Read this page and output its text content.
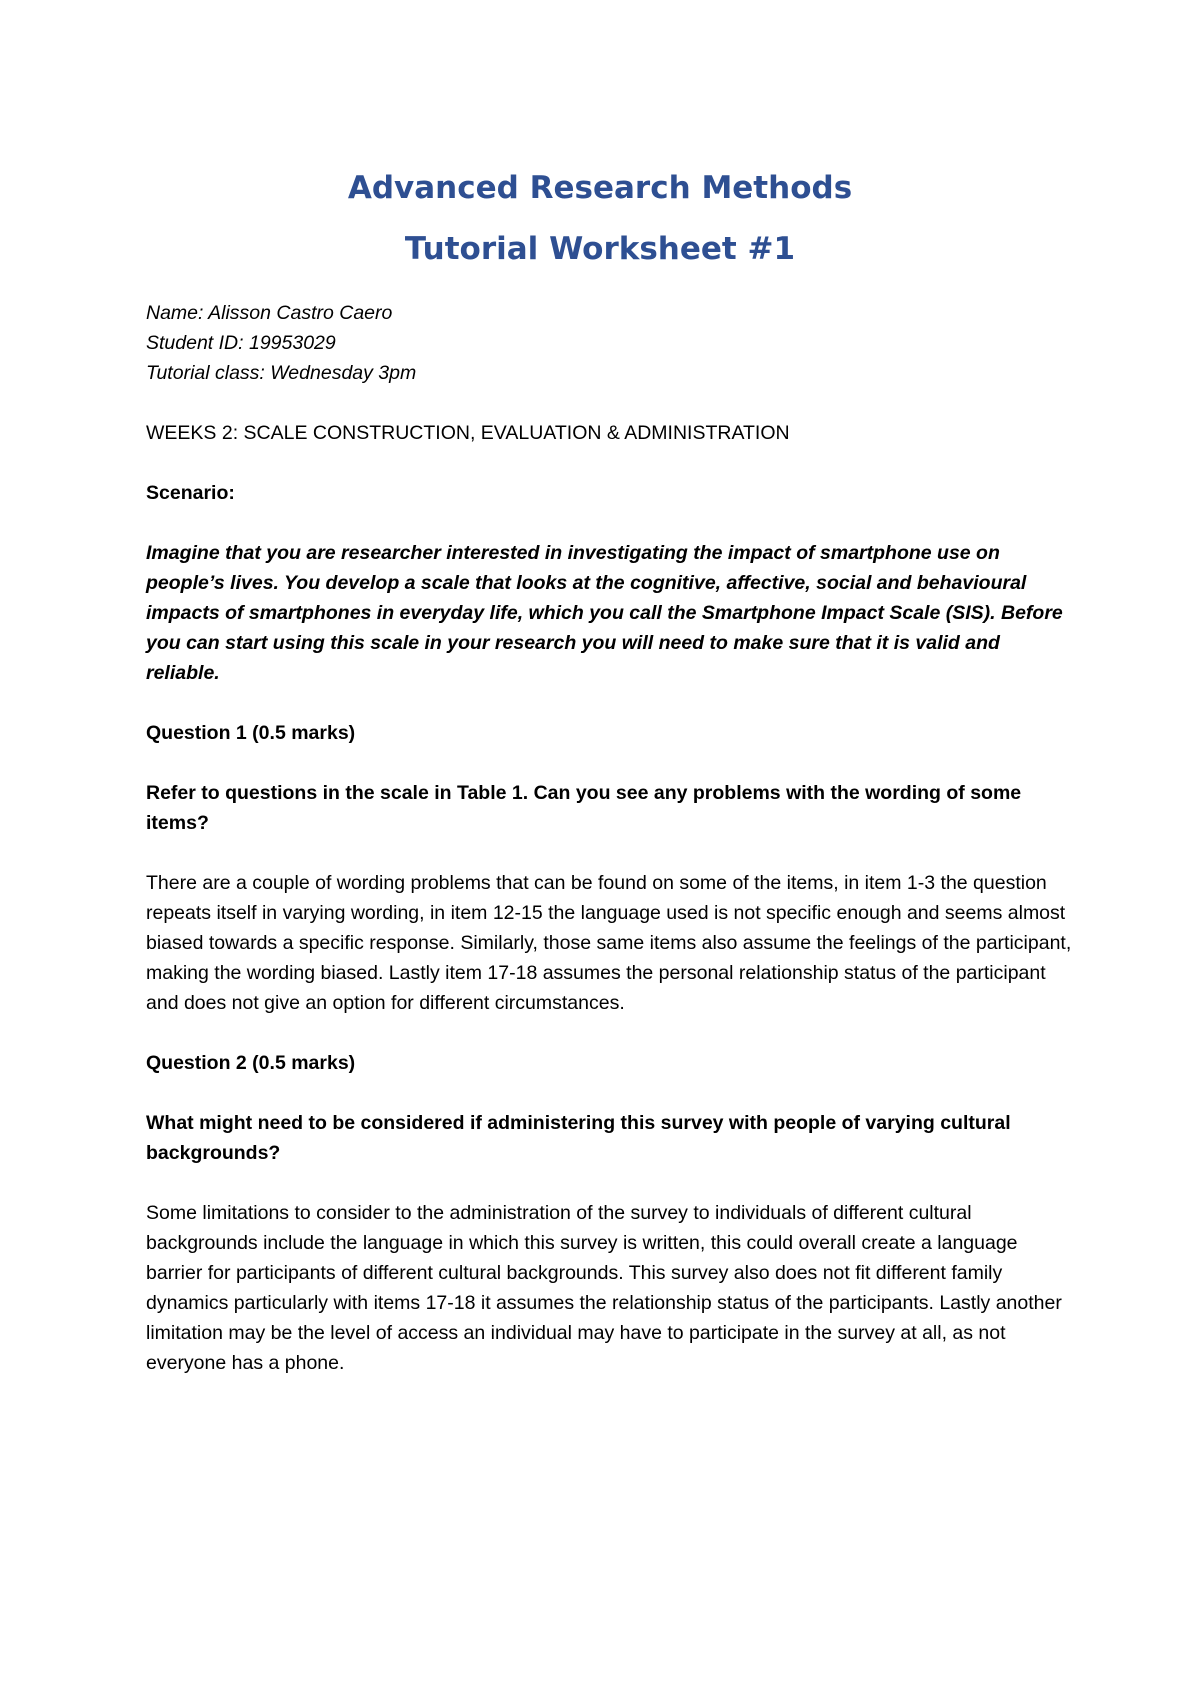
Advanced Research Methods
Tutorial Worksheet #1

Name: Alisson Castro Caero

Student ID: 19953029

Tutorial class: Wednesday 3pm

WEEKS 2: SCALE CONSTRUCTION, EVALUATION & ADMINISTRATION

Scenario:

Imagine that you are researcher interested in investigating the impact of smartphone use on people’s lives. You develop a scale that looks at the cognitive, affective, social and behavioural impacts of smartphones in everyday life, which you call the Smartphone Impact Scale (SIS). Before you can start using this scale in your research you will need to make sure that it is valid and reliable.

Question 1 (0.5 marks)

Refer to questions in the scale in Table 1. Can you see any problems with the wording of some items?

There are a couple of wording problems that can be found on some of the items, in item 1-3 the question repeats itself in varying wording, in item 12-15 the language used is not specific enough and seems almost biased towards a specific response. Similarly, those same items also assume the feelings of the participant, making the wording biased. Lastly item 17-18 assumes the personal relationship status of the participant and does not give an option for different circumstances.

Question 2 (0.5 marks)

What might need to be considered if administering this survey with people of varying cultural backgrounds?

Some limitations to consider to the administration of the survey to individuals of different cultural backgrounds include the language in which this survey is written, this could overall create a language barrier for participants of different cultural backgrounds. This survey also does not fit different family dynamics particularly with items 17-18 it assumes the relationship status of the participants. Lastly another limitation may be the level of access an individual may have to participate in the survey at all, as not everyone has a phone.
